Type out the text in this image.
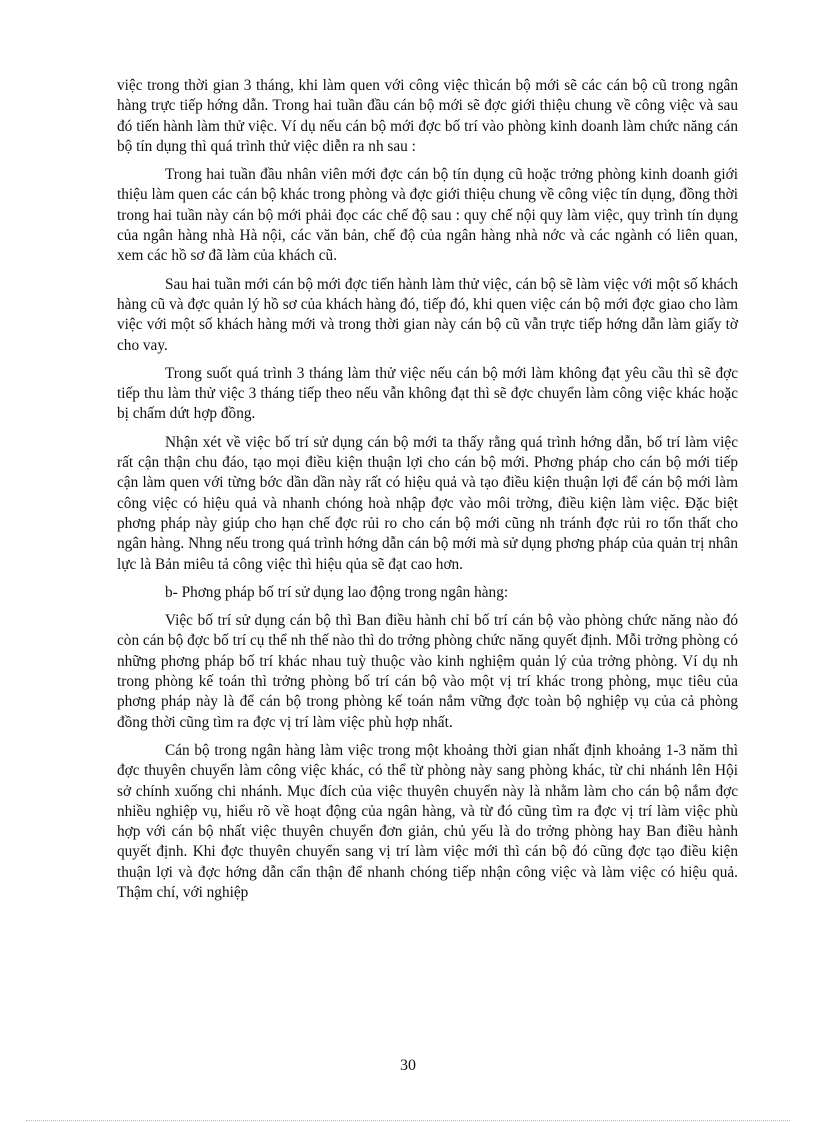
việc trong thời gian 3 tháng, khi làm quen với công việc thìcán bộ mới sẽ các cán bộ cũ trong ngân hàng trực tiếp hớng dẫn. Trong hai tuần đầu cán bộ mới sẽ đợc giới thiệu chung về công việc và sau đó tiến hành làm thử việc. Ví dụ nếu cán bộ mới đợc bố trí vào phòng kinh doanh làm chức năng cán bộ tín dụng thì quá trình thử việc diễn ra nh sau :

Trong hai tuần đầu nhân viên mới đợc cán bộ tín dụng cũ hoặc trởng phòng kinh doanh giới thiệu làm quen các cán bộ khác trong phòng và đợc giới thiệu chung về công việc tín dụng, đồng thời trong hai tuần này cán bộ mới phải đọc các chế độ sau : quy chế nội quy làm việc, quy trình tín dụng của ngân hàng nhà Hà nội, các văn bản, chế độ của ngân hàng nhà nớc và các ngành có liên quan, xem các hồ sơ đã làm của khách cũ.

Sau hai tuần mới cán bộ mới đợc tiến hành làm thử việc, cán bộ sẽ làm việc với một số khách hàng cũ và đợc quản lý hồ sơ của khách hàng đó, tiếp đó, khi quen việc cán bộ mới đợc giao cho làm việc với một số khách hàng mới và trong thời gian này cán bộ cũ vẫn trực tiếp hớng dẫn làm giấy tờ cho vay.

Trong suốt quá trình 3 tháng làm thử việc nếu cán bộ mới làm không đạt yêu cầu thì sẽ đợc tiếp thu làm thử việc 3 tháng tiếp theo nếu vẫn không đạt thì sẽ đợc chuyển làm công việc khác hoặc bị chấm dứt hợp đồng.

Nhận xét về việc bố trí sử dụng cán bộ mới ta thấy rằng quá trình hớng dẫn, bố trí làm việc rất cận thận chu đáo, tạo mọi điều kiện thuận lợi cho cán bộ mới. Phơng pháp cho cán bộ mới tiếp cận làm quen với từng bớc dần dần này rất có hiệu quả và tạo điều kiện thuận lợi để cán bộ mới làm công việc có hiệu quả và nhanh chóng hoà nhập đợc vào môi trờng, điều kiện làm việc. Đặc biệt phơng pháp này giúp cho hạn chế đợc rủi ro cho cán bộ mới cũng nh tránh đợc rủi ro tổn thất cho ngân hàng. Nhng nếu trong quá trình hớng dẫn cán bộ mới mà sử dụng phơng pháp của quản trị nhân lực là Bản miêu tả công việc thì hiệu qủa sẽ đạt cao hơn.

b- Phơng pháp bố trí sử dụng lao động trong ngân hàng:

Việc bố trí sử dụng cán bộ thì Ban điều hành chỉ bố trí cán bộ vào phòng chức năng nào đó còn cán bộ đợc bố trí cụ thể nh thế nào thì do trởng phòng chức năng quyết định. Mỗi trởng phòng có những phơng pháp bố trí khác nhau tuỳ thuộc vào kinh nghiệm quản lý của trởng phòng. Ví dụ nh trong phòng kế toán thì trởng phòng bố trí cán bộ vào một vị trí khác trong phòng, mục tiêu của phơng pháp này là để cán bộ trong phòng kế toán nắm vững đợc toàn bộ nghiệp vụ của cả phòng đồng thời cũng tìm ra đợc vị trí làm việc phù hợp nhất.

Cán bộ trong ngân hàng làm việc trong một khoảng thời gian nhất định khoảng 1-3 năm thì đợc thuyên chuyển làm công việc khác, có thể từ phòng này sang phòng khác, từ chi nhánh lên Hội sở chính xuống chi nhánh. Mục đích của việc thuyên chuyển này là nhằm làm cho cán bộ nắm đợc nhiều nghiệp vụ, hiểu rõ về hoạt động của ngân hàng, và từ đó cũng tìm ra đợc vị trí làm việc phù hợp với cán bộ nhất việc thuyên chuyển đơn giản, chủ yếu là do trởng phòng hay Ban điều hành quyết định. Khi đợc thuyên chuyển sang vị trí làm việc mới thì cán bộ đó cũng đợc tạo điều kiện thuận lợi và đợc hớng dẫn cẩn thận để nhanh chóng tiếp nhận công việc và làm việc có hiệu quả. Thậm chí, với nghiệp

30
